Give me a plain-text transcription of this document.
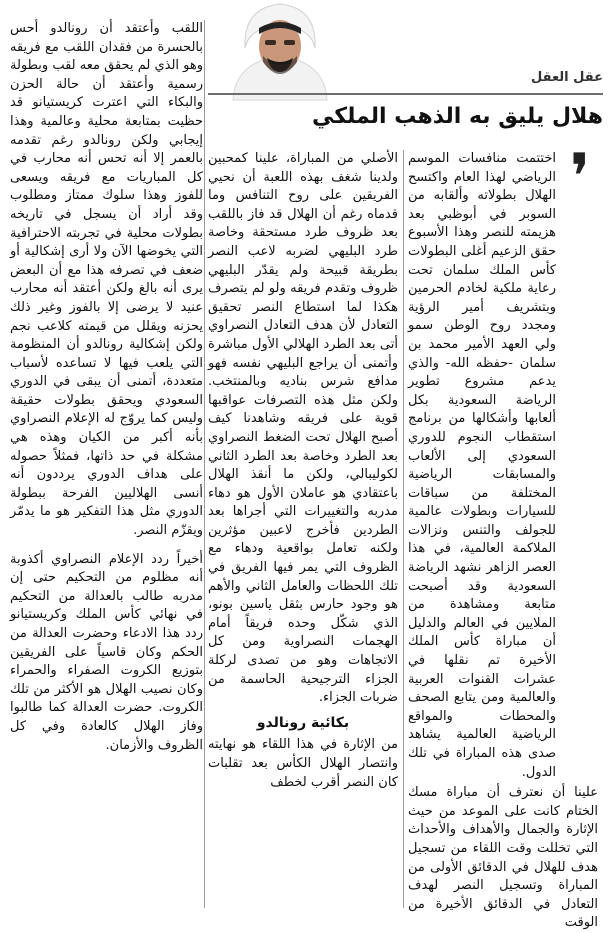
عقل العقل
هلال يليق به الذهب الملكي
❜

اختتمت منافسات الموسم الرياضي لهذا العام واكتسح الهلال بطولاته وألقابه من السوبر في أبوظبي بعد هزيمته للنصر وهذا الأسبوع حقق الزعيم أغلى البطولات كأس الملك سلمان تحت رعاية ملكية لخادم الحرمين وبتشريف أمير الرؤية ومجدد روح الوطن سمو ولي العهد الأمير محمد بن سلمان -حفظه الله- والذي يدعم مشروع تطوير الرياضة السعودية بكل ألعابها وأشكالها من برنامج استقطاب النجوم للدوري السعودي إلى الألعاب والمسابقات الرياضية المختلفة من سباقات للسيارات وبطولات عالمية للجولف والتنس ونزالات الملاكمة العالمية، في هذا العصر الزاهر نشهد الرياضة السعودية وقد أصبحت متابعة ومشاهدة من الملايين في العالم والدليل أن مباراة كأس الملك الأخيرة تم نقلها في عشرات القنوات العربية والعالمية ومن يتابع الصحف والمحطات والمواقع الرياضية العالمية يشاهد صدى هذه المباراة في تلك الدول.

علينا أن نعترف أن مباراة مسك الختام كانت على الموعد من حيث الإثارة والجمال والأهداف والأحداث التي تخللت وقت اللقاء من تسجيل هدف للهلال في الدقائق الأولى من المباراة وتسجيل النصر لهدف التعادل في الدقائق الأخيرة من الوقت

الأصلي من المباراة، علينا كمحبين ولدينا شغف بهذه اللعبة أن نحيي الفريقين على روح التنافس وما قدماه رغم أن الهلال قد فاز باللقب بعد ظروف طرد مستحقة وخاصة طرد البليهي لضربه لاعب النصر بطريقة قبيحة ولم يقدّر البليهي ظروف وتقدم فريقه ولو لم يتصرف هكذا لما استطاع النصر تحقيق التعادل لأن هدف التعادل النصراوي أتى بعد الطرد الهلالي الأول مباشرة وأتمنى أن يراجع البليهي نفسه فهو مدافع شرس بناديه وبالمنتخب. ولكن مثل هذه التصرفات عواقبها قوية على فريقه وشاهدنا كيف أصبح الهلال تحت الضغط النصراوي بعد الطرد وخاصة بعد الطرد الثاني لكوليبالي، ولكن ما أنقذ الهلال باعتقادي هو عاملان الأول هو دهاء مدربه والتغييرات التي أجراها بعد الطردين فأخرج لاعبين مؤثرين ولكنه تعامل بواقعية ودهاء مع الظروف التي يمر فيها الفريق في تلك اللحظات والعامل الثاني والأهم هو وجود حارس بثقل ياسين بونو، الذي شكّل وحده فريقاً أمام الهجمات النصراوية ومن كل الاتجاهات وهو من تصدى لركلة الجزاء الترجيحية الحاسمة من ضربات الجزاء.

بكائية رونالدو

من الإثارة في هذا اللقاء هو نهايته وانتصار الهلال الكأس بعد تقلبات كان النصر أقرب لخطف

اللقب وأعتقد أن رونالدو أحس بالحسرة من فقدان اللقب مع فريقه وهو الذي لم يحقق معه لقب وبطولة رسمية وأعتقد أن حالة الحزن والبكاء التي اعترت كريستيانو قد حظيت بمتابعة محلية وعالمية وهذا إيجابي ولكن رونالدو رغم تقدمه بالعمر إلا أنه تحس أنه محارب في كل المباريات مع فريقه ويسعى للفوز وهذا سلوك ممتاز ومطلوب وقد أراد أن يسجل في تاريخه بطولات محلية في تجربته الاحترافية التي يخوضها الآن ولا أرى إشكالية أو ضعف في تصرفه هذا مع أن البعض يرى أنه بالغ ولكن أعتقد أنه محارب عنيد لا يرضى إلا بالفوز وغير ذلك يحزنه ويقلل من قيمته كلاعب نجم ولكن إشكالية رونالدو أن المنظومة التي يلعب فيها لا تساعده لأسباب متعددة، أتمنى أن يبقى في الدوري السعودي ويحقق بطولات حقيقة وليس كما يروّج له الإعلام النصراوي بأنه أكبر من الكيان وهذه هي مشكلة في حد ذاتها، فمثلاً حصوله على هداف الدوري يرددون أنه أنسى الهلاليين الفرحة ببطولة الدوري مثل هذا التفكير هو ما يدمّر ويقزّم النصر.

أخيراً ردد الإعلام النصراوي أكذوبة أنه مظلوم من التحكيم حتى إن مدربه طالب بالعدالة من التحكيم في نهائي كأس الملك وكريستيانو ردد هذا الادعاء وحضرت العدالة من الحكم وكان قاسياً على الفريقين بتوزيع الكروت الصفراء والحمراء وكان نصيب الهلال هو الأكثر من تلك الكروت. حضرت العدالة كما طالبوا وفاز الهلال كالعادة وفي كل الظروف والأزمان.
